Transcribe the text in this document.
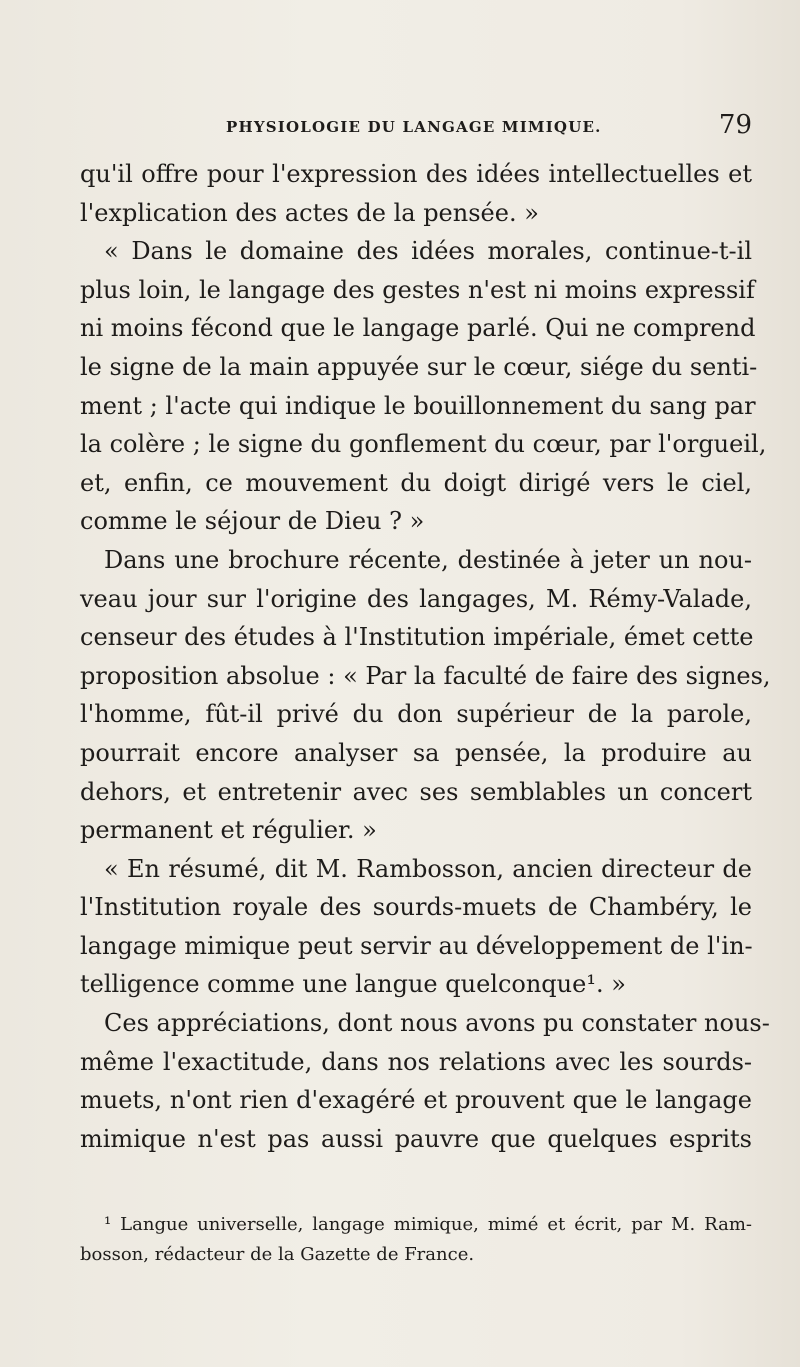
PHYSIOLOGIE DU LANGAGE MIMIQUE.	79
qu'il offre pour l'expression des idées intellectuelles et
l'explication des actes de la pensée. »
« Dans le domaine des idées morales, continue-t-il
plus loin, le langage des gestes n'est ni moins expressif
ni moins fécond que le langage parlé. Qui ne comprend
le signe de la main appuyée sur le cœur, siége du senti-
ment ; l'acte qui indique le bouillonnement du sang par
la colère ; le signe du gonflement du cœur, par l'orgueil,
et, enfin, ce mouvement du doigt dirigé vers le ciel,
comme le séjour de Dieu ? »
Dans une brochure récente, destinée à jeter un nou-
veau jour sur l'origine des langages, M. Rémy-Valade,
censeur des études à l'Institution impériale, émet cette
proposition absolue : « Par la faculté de faire des signes,
l'homme, fût-il privé du don supérieur de la parole,
pourrait encore analyser sa pensée, la produire au
dehors, et entretenir avec ses semblables un concert
permanent et régulier. »
« En résumé, dit M. Rambosson, ancien directeur de
l'Institution royale des sourds-muets de Chambéry, le
langage mimique peut servir au développement de l'in-
telligence comme une langue quelconque¹. »
Ces appréciations, dont nous avons pu constater nous-
même l'exactitude, dans nos relations avec les sourds-
muets, n'ont rien d'exagéré et prouvent que le langage
mimique n'est pas aussi pauvre que quelques esprits
¹ Langue universelle, langage mimique, mimé et écrit, par M. Ram-
bosson, rédacteur de la Gazette de France.
